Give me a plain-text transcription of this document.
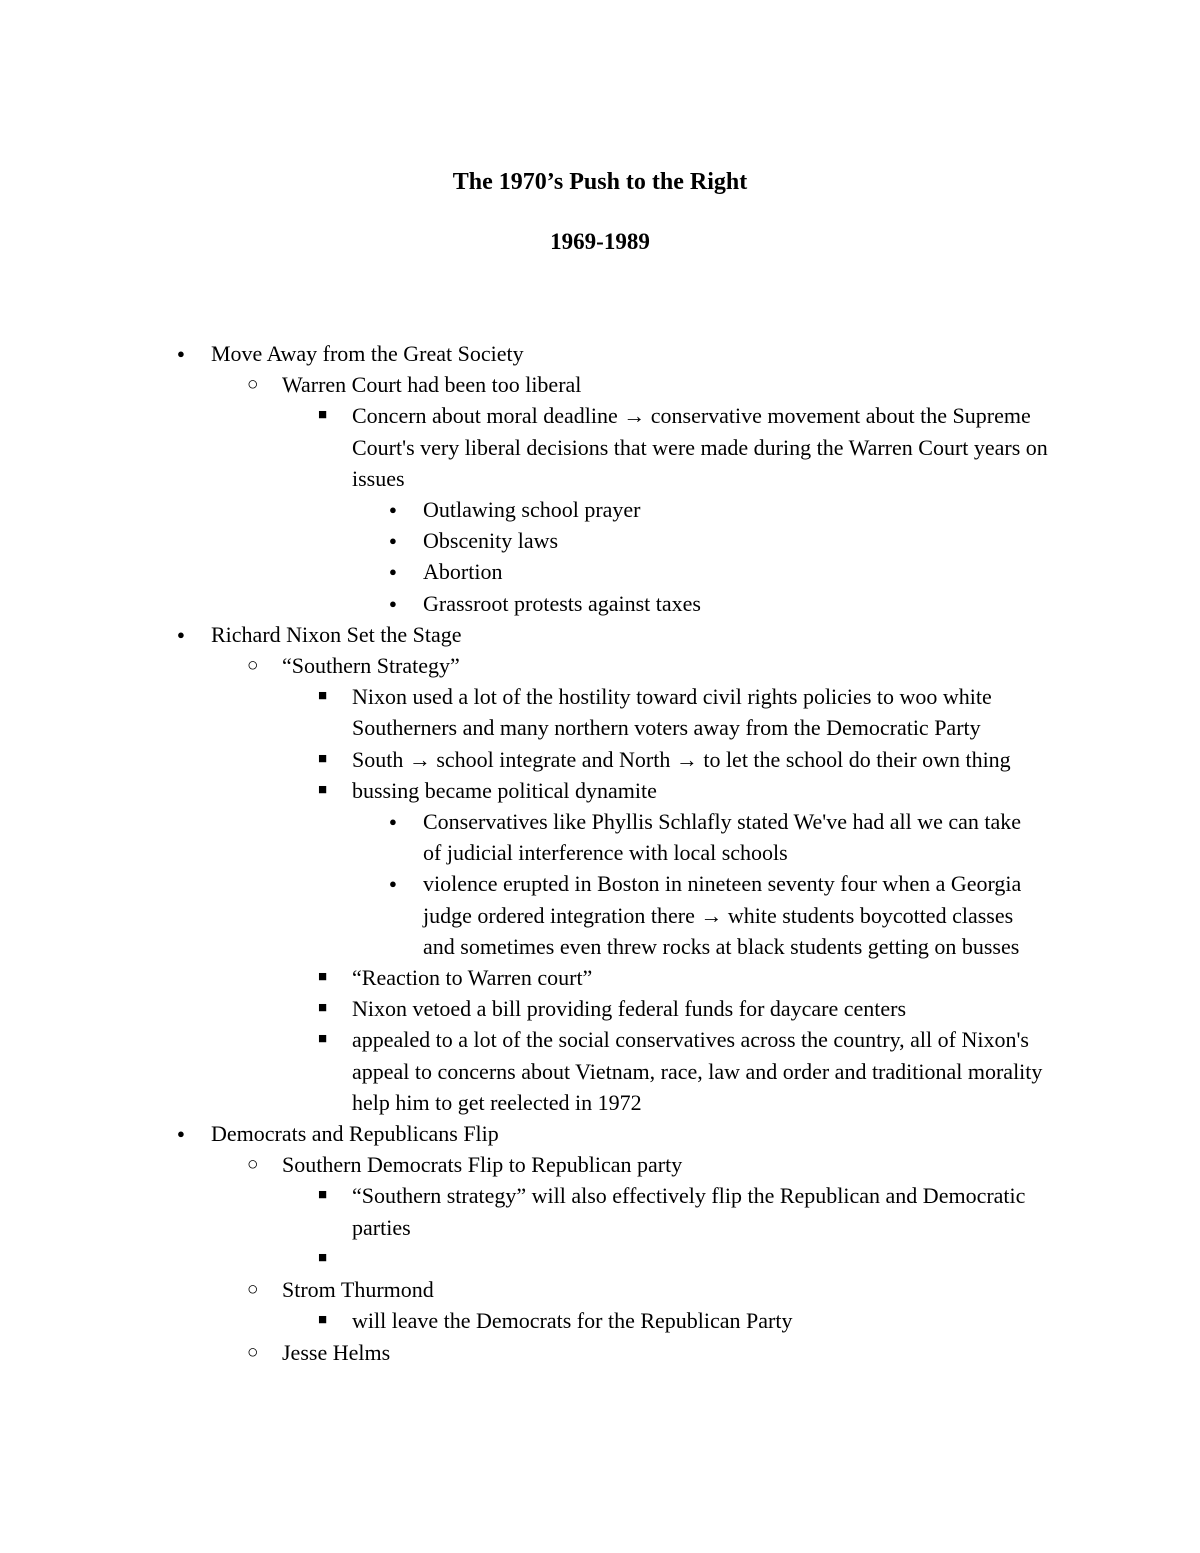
The 1970’s Push to the Right
1969-1989
● Move Away from the Great Society
○ Warren Court had been too liberal
■ Concern about moral deadline → conservative movement about the Supreme Court's very liberal decisions that were made during the Warren Court years on issues
● Outlawing school prayer
● Obscenity laws
● Abortion
● Grassroot protests against taxes
● Richard Nixon Set the Stage
○ “Southern Strategy”
■ Nixon used a lot of the hostility toward civil rights policies to woo white Southerners and many northern voters away from the Democratic Party
■ South → school integrate and North → to let the school do their own thing
■ bussing became political dynamite
● Conservatives like Phyllis Schlafly stated We've had all we can take of judicial interference with local schools
● violence erupted in Boston in nineteen seventy four when a Georgia judge ordered integration there → white students boycotted classes and sometimes even threw rocks at black students getting on busses
■ “Reaction to Warren court”
■ Nixon vetoed a bill providing federal funds for daycare centers
■ appealed to a lot of the social conservatives across the country, all of Nixon's appeal to concerns about Vietnam, race, law and order and traditional morality help him to get reelected in 1972
● Democrats and Republicans Flip
○ Southern Democrats Flip to Republican party
■ “Southern strategy” will also effectively flip the Republican and Democratic parties
■

○ Strom Thurmond
■ will leave the Democrats for the Republican Party
○ Jesse Helms
